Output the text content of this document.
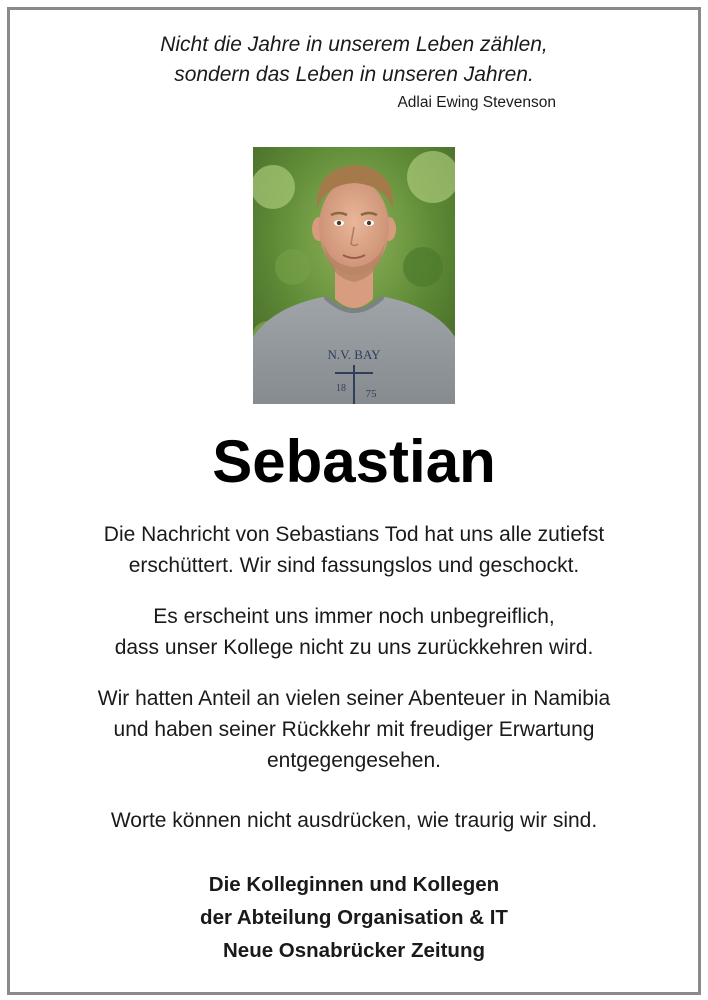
Nicht die Jahre in unserem Leben zählen,
sondern das Leben in unseren Jahren.
Adlai Ewing Stevenson
N.V. BAY
18 75
Sebastian
Die Nachricht von Sebastians Tod hat uns alle zutiefst
erschüttert. Wir sind fassungslos und geschockt.
Es erscheint uns immer noch unbegreiflich,
dass unser Kollege nicht zu uns zurückkehren wird.
Wir hatten Anteil an vielen seiner Abenteuer in Namibia
und haben seiner Rückkehr mit freudiger Erwartung
entgegengesehen.
Worte können nicht ausdrücken, wie traurig wir sind.
Die Kolleginnen und Kollegen
der Abteilung Organisation & IT
Neue Osnabrücker Zeitung
